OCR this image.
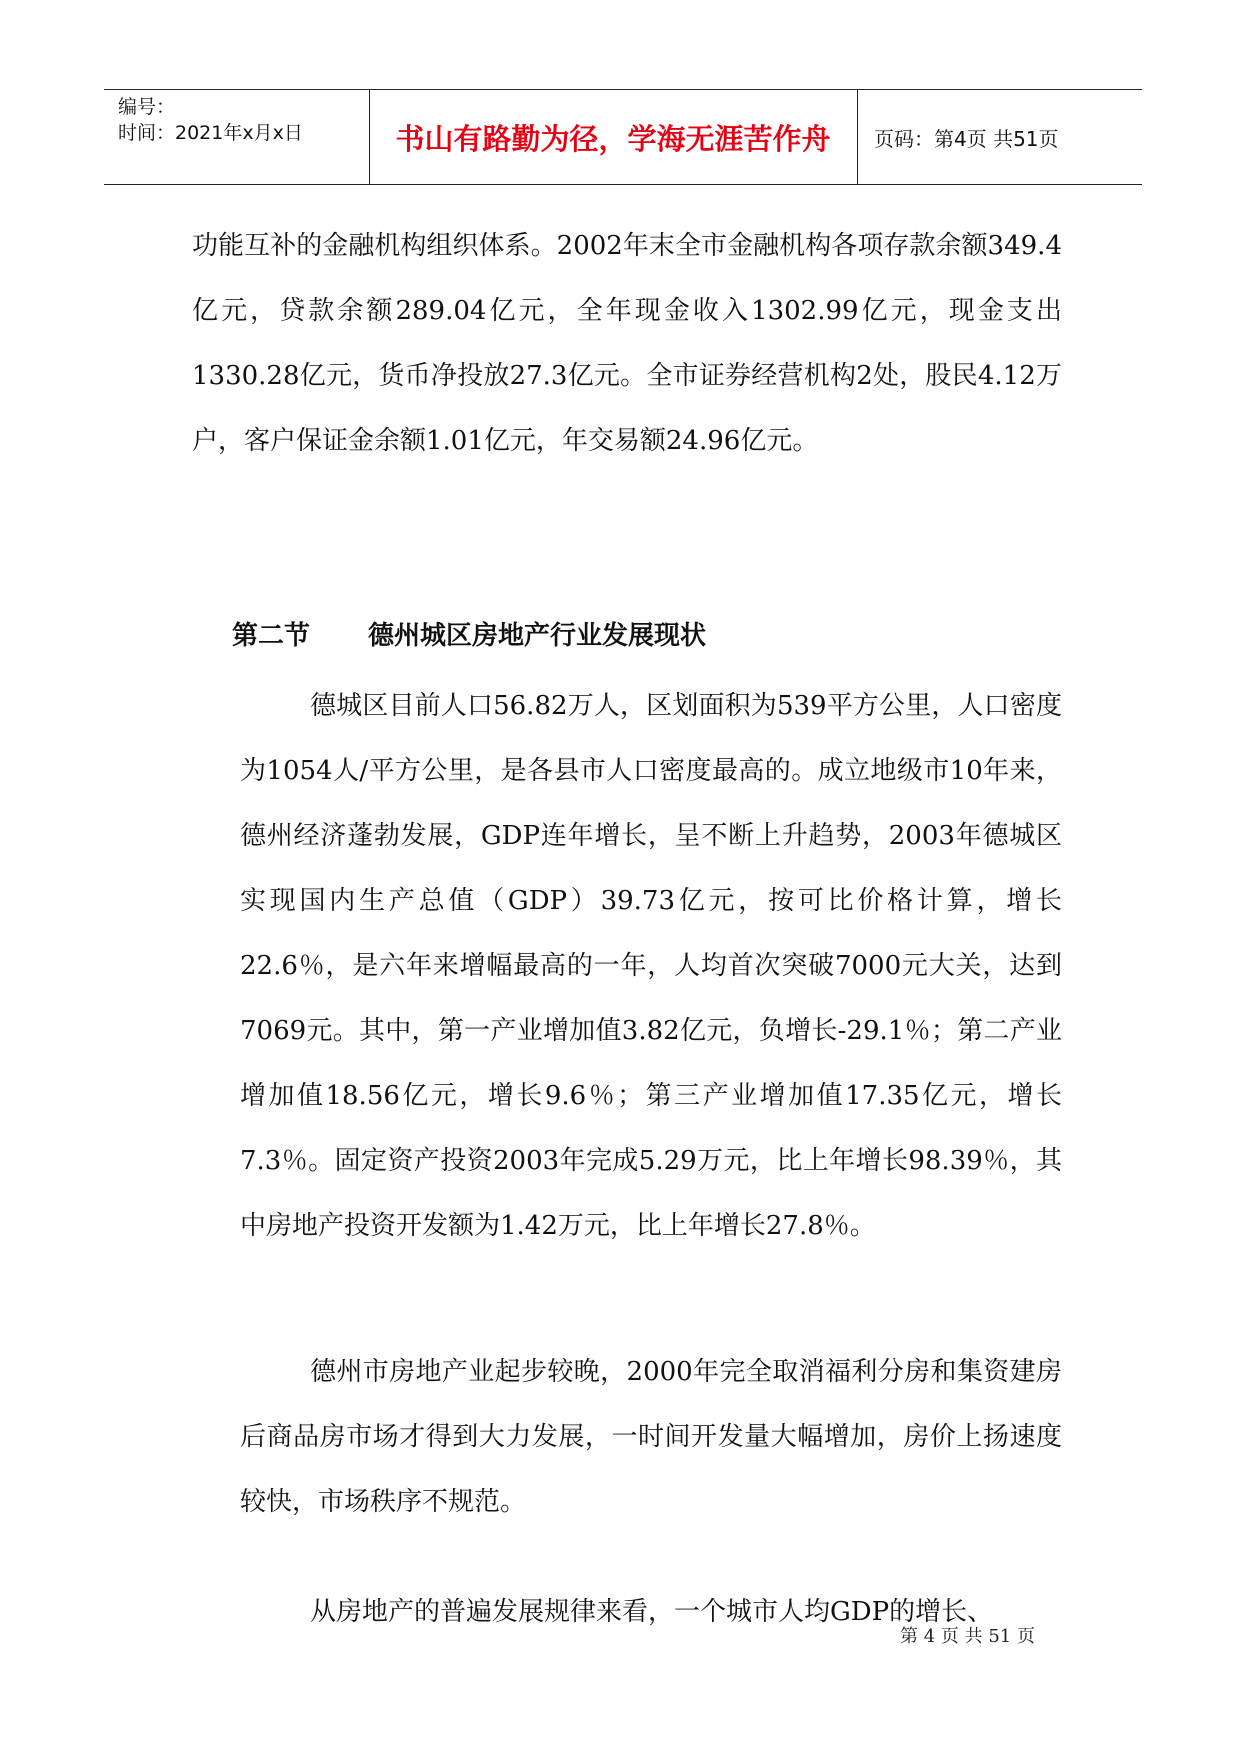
编号：
时间：2021年x月x日	书山有路勤为径，学海无涯苦作舟	页码：第4页 共51页

功能互补的金融机构组织体系。2002年末全市金融机构各项存款余额349.4亿元，贷款余额289.04亿元，全年现金收入1302.99亿元，现金支出1330.28亿元，货币净投放27.3亿元。全市证券经营机构2处，股民4.12万户，客户保证金余额1.01亿元，年交易额24.96亿元。

第二节 德州城区房地产行业发展现状

德城区目前人口56.82万人，区划面积为539平方公里，人口密度为1054人/平方公里，是各县市人口密度最高的。成立地级市10年来，德州经济蓬勃发展，GDP连年增长，呈不断上升趋势，2003年德城区实现国内生产总值（GDP）39.73亿元，按可比价格计算，增长22.6％，是六年来增幅最高的一年，人均首次突破7000元大关，达到7069元。其中，第一产业增加值3.82亿元，负增长-29.1％；第二产业增加值18.56亿元，增长9.6％；第三产业增加值17.35亿元，增长7.3％。固定资产投资2003年完成5.29万元，比上年增长98.39％，其中房地产投资开发额为1.42万元，比上年增长27.8％。

德州市房地产业起步较晚，2000年完全取消福利分房和集资建房后商品房市场才得到大力发展，一时间开发量大幅增加，房价上扬速度较快，市场秩序不规范。

从房地产的普遍发展规律来看，一个城市人均GDP的增长、

第 4 页 共 51 页
